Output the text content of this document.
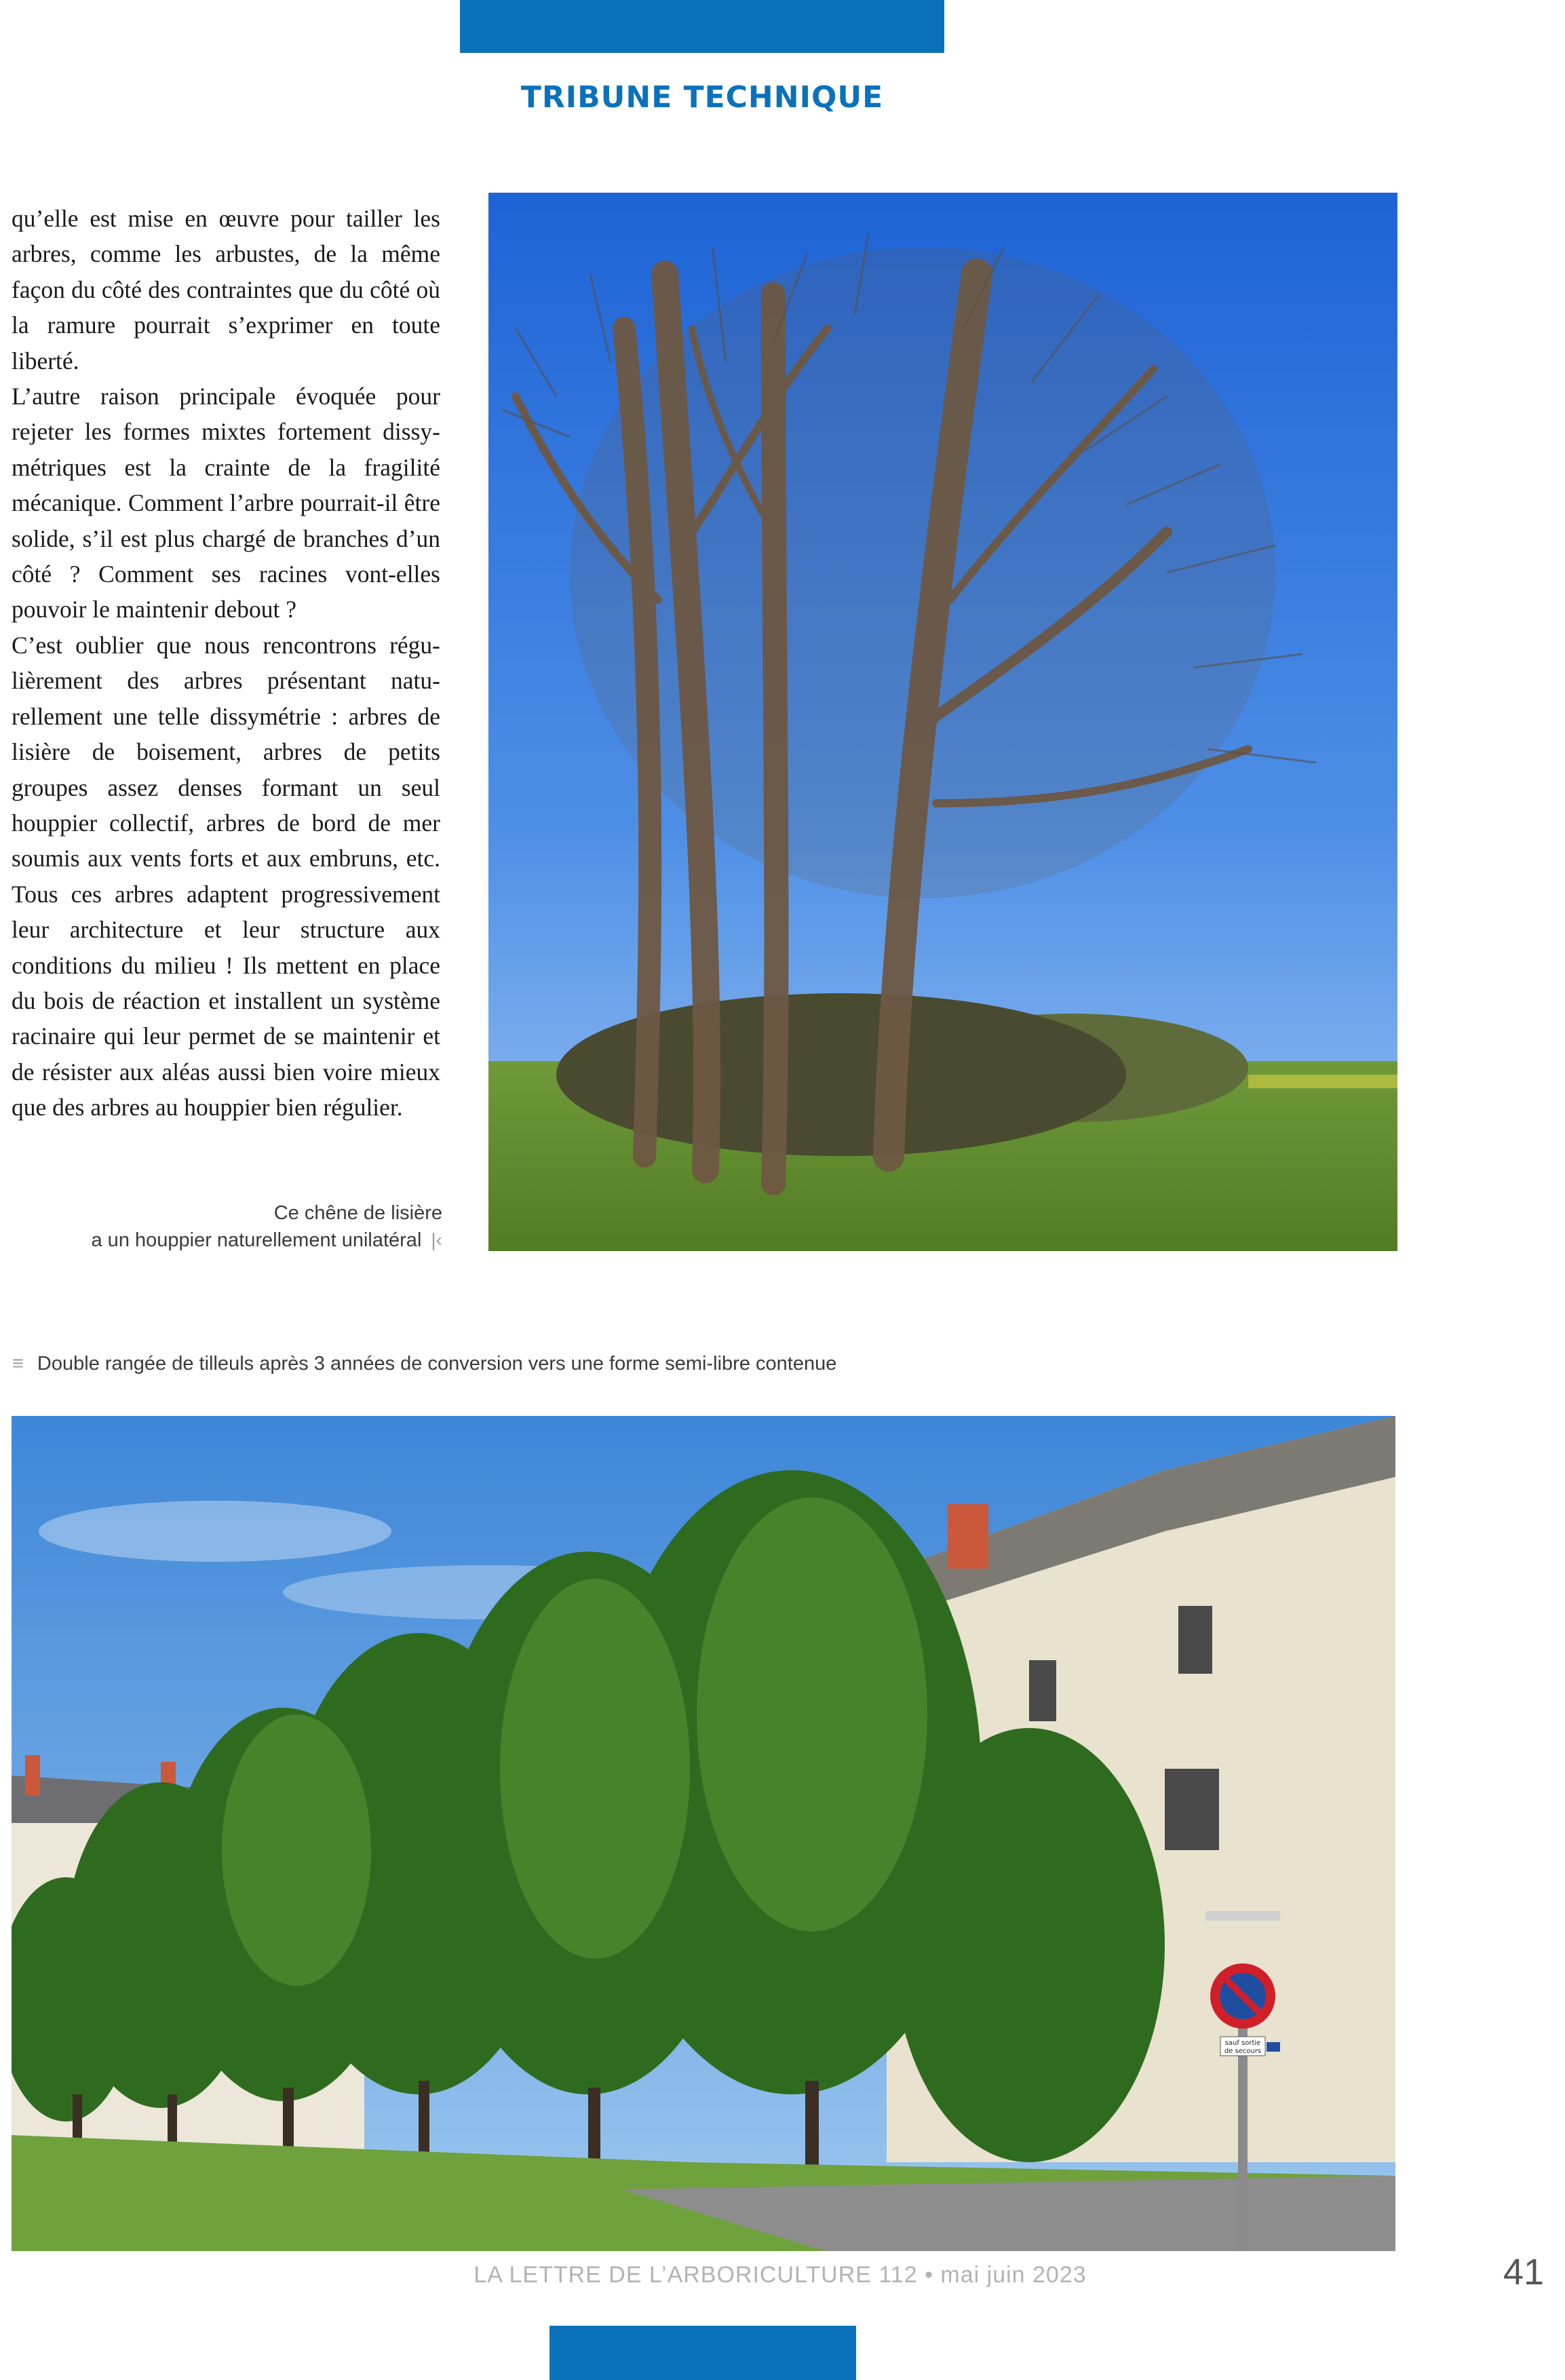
TRIBUNE TECHNIQUE

qu’elle est mise en œuvre pour tailler les arbres, comme les arbustes, de la même façon du côté des contraintes que du côté où la ramure pourrait s’exprimer en toute liberté.

L’autre raison principale évoquée pour rejeter les formes mixtes fortement dissymétriques est la crainte de la fragilité mécanique. Comment l’arbre pourrait-il être solide, s’il est plus chargé de branches d’un côté ? Comment ses racines vont-elles pouvoir le maintenir debout ?

C’est oublier que nous rencontrons régulièrement des arbres présentant naturellement une telle dissymétrie : arbres de lisière de boisement, arbres de petits groupes assez denses formant un seul houppier collectif, arbres de bord de mer soumis aux vents forts et aux embruns, etc. Tous ces arbres adaptent progressivement leur architecture et leur structure aux conditions du milieu ! Ils mettent en place du bois de réaction et installent un système racinaire qui leur permet de se maintenir et de résister aux aléas aussi bien voire mieux que des arbres au houppier bien régulier.

Ce chêne de lisière
a un houppier naturellement unilatéral |‹
≡ Double rangée de tilleuls après 3 années de conversion vers une forme semi-libre contenue
sauf sortie
de secours
LA LETTRE DE L’ARBORICULTURE 112 • mai juin 2023	41
